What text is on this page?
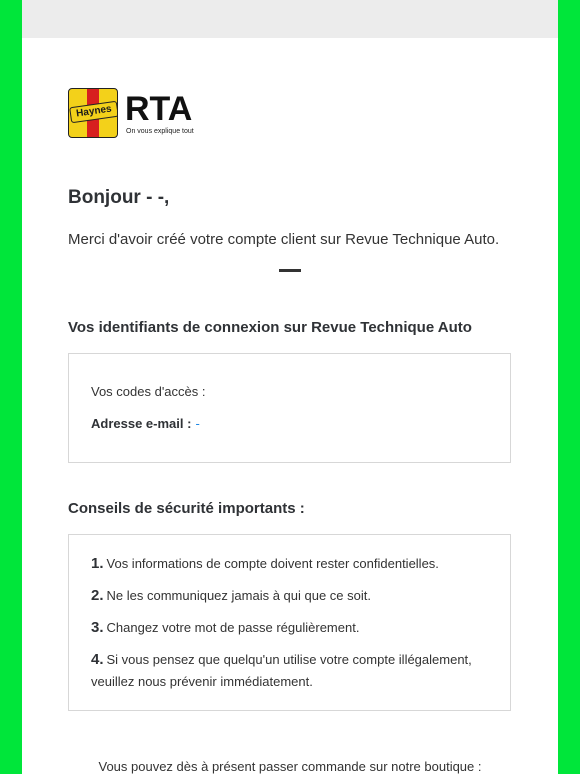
Haynes RTA
On vous explique tout
Bonjour - -,
Merci d'avoir créé votre compte client sur Revue Technique Auto.
Vos identifiants de connexion sur Revue Technique Auto
Vos codes d'accès :
Adresse e-mail : -
Conseils de sécurité importants :
1. Vos informations de compte doivent rester confidentielles.
2. Ne les communiquez jamais à qui que ce soit.
3. Changez votre mot de passe régulièrement.
4. Si vous pensez que quelqu'un utilise votre compte illégalement, veuillez nous prévenir immédiatement.
Vous pouvez dès à présent passer commande sur notre boutique :
